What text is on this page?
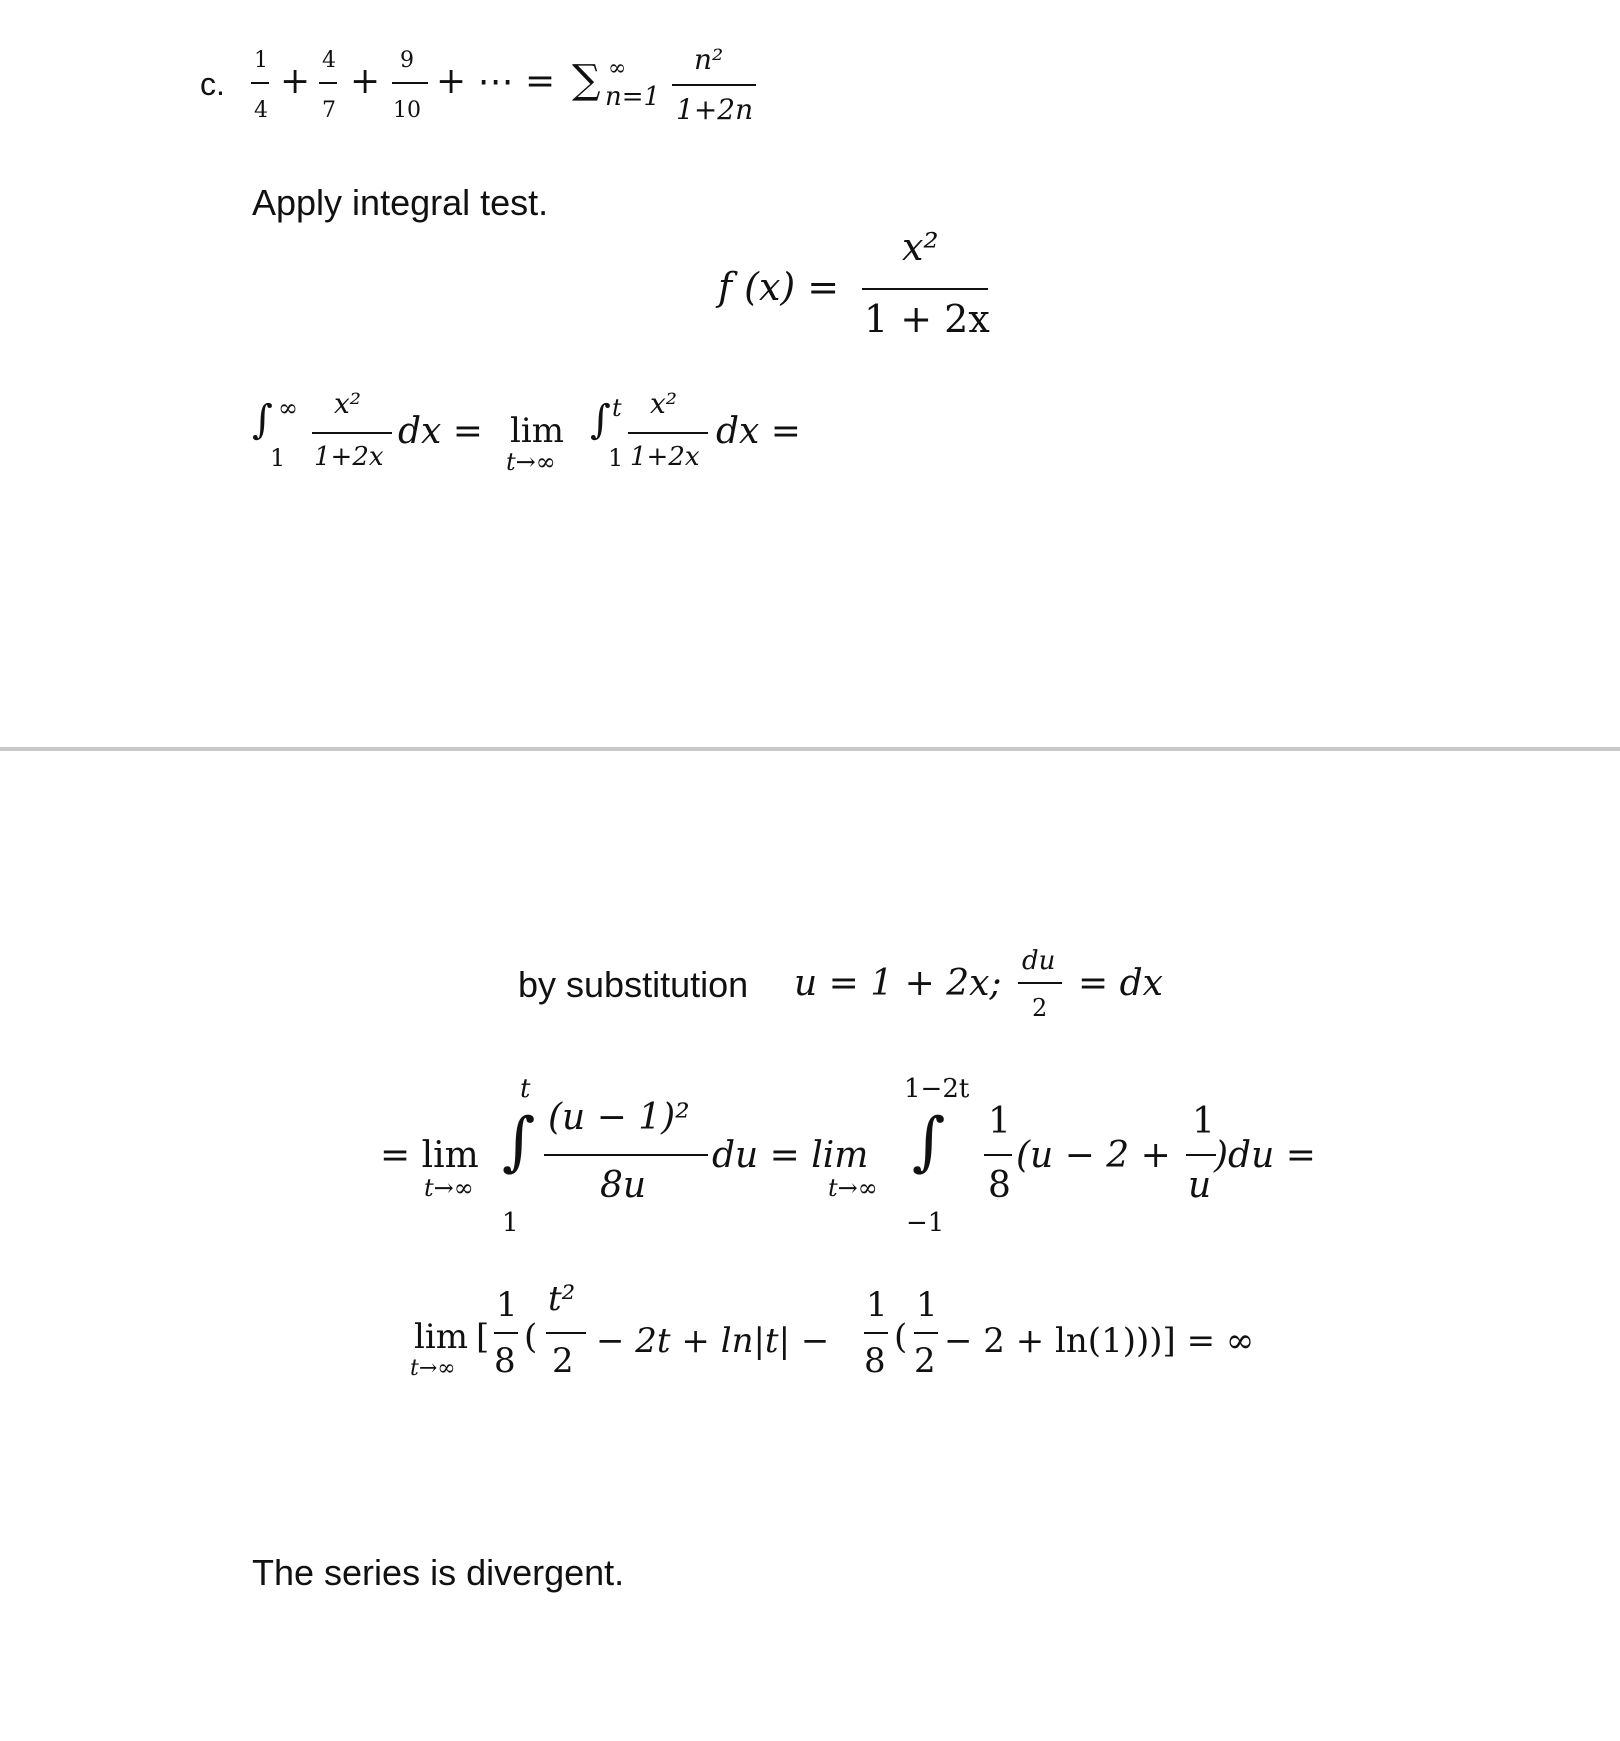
c.
1
4
+
4
7
+
9
10
+ ⋯ = ∑ ∞
n=1
n²
1+2n
Apply integral test.
f (x) =
x²
1 + 2x
∫ ∞
1
x²
1+2x
dx = lim
t→∞
∫ t
1
x²
1+2x
dx =
by substitution u = 1 + 2x;
du
2
= dx
= lim
t→∞
t
∫
1
(u − 1)²
8u
du = lim
t→∞
1−2t
∫
−1
1
8
(u − 2 +
1
u
)du =
lim
t→∞
[
1
8
(
t²
2 − 2t + ln|t| −
1
8
(
1
2 − 2 + ln(1)))] = ∞
The series is divergent.
